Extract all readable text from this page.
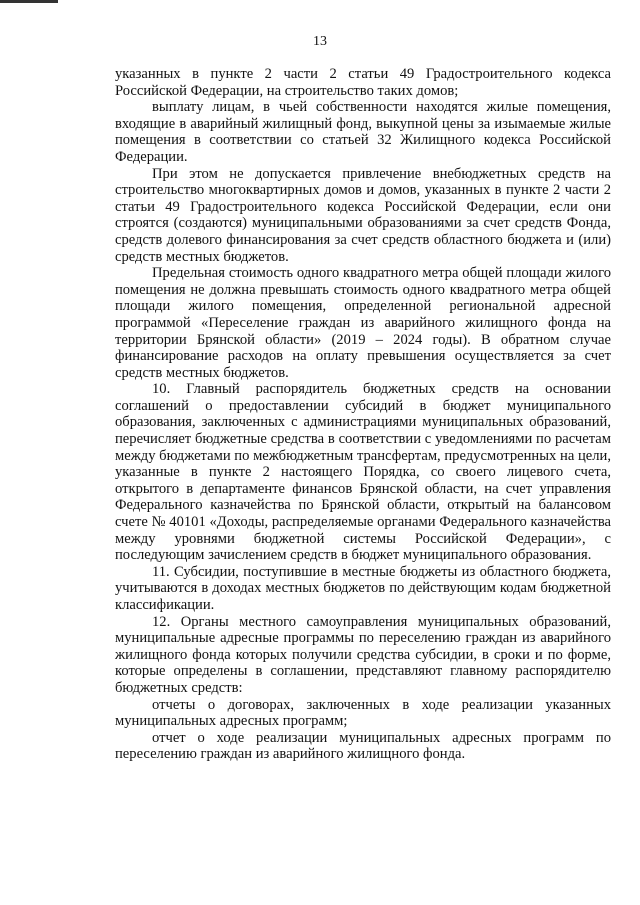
13

указанных в пункте 2 части 2 статьи 49 Градостроительного кодекса Российской Федерации, на строительство таких домов;

выплату лицам, в чьей собственности находятся жилые помещения, входящие в аварийный жилищный фонд, выкупной цены за изымаемые жилые помещения в соответствии со статьей 32 Жилищного кодекса Российской Федерации.

При этом не допускается привлечение внебюджетных средств на строительство многоквартирных домов и домов, указанных в пункте 2 части 2 статьи 49 Градостроительного кодекса Российской Федерации, если они строятся (создаются) муниципальными образованиями за счет средств Фонда, средств долевого финансирования за счет средств областного бюджета и (или) средств местных бюджетов.

Предельная стоимость одного квадратного метра общей площади жилого помещения не должна превышать стоимость одного квадратного метра общей площади жилого помещения, определенной региональной адресной программой «Переселение граждан из аварийного жилищного фонда на территории Брянской области» (2019 – 2024 годы). В обратном случае финансирование расходов на оплату превышения осуществляется за счет средств местных бюджетов.

10. Главный распорядитель бюджетных средств на основании соглашений о предоставлении субсидий в бюджет муниципального образования, заключенных с администрациями муниципальных образований, перечисляет бюджетные средства в соответствии с уведомлениями по расчетам между бюджетами по межбюджетным трансфертам, предусмотренных на цели, указанные в пункте 2 настоящего Порядка, со своего лицевого счета, открытого в департаменте финансов Брянской области, на счет управления Федерального казначейства по Брянской области, открытый на балансовом счете № 40101 «Доходы, распределяемые органами Федерального казначейства между уровнями бюджетной системы Российской Федерации», с последующим зачислением средств в бюджет муниципального образования.

11. Субсидии, поступившие в местные бюджеты из областного бюджета, учитываются в доходах местных бюджетов по действующим кодам бюджетной классификации.

12. Органы местного самоуправления муниципальных образований, муниципальные адресные программы по переселению граждан из аварийного жилищного фонда которых получили средства субсидии, в сроки и по форме, которые определены в соглашении, представляют главному распорядителю бюджетных средств:

отчеты о договорах, заключенных в ходе реализации указанных муниципальных адресных программ;

отчет о ходе реализации муниципальных адресных программ по переселению граждан из аварийного жилищного фонда.
